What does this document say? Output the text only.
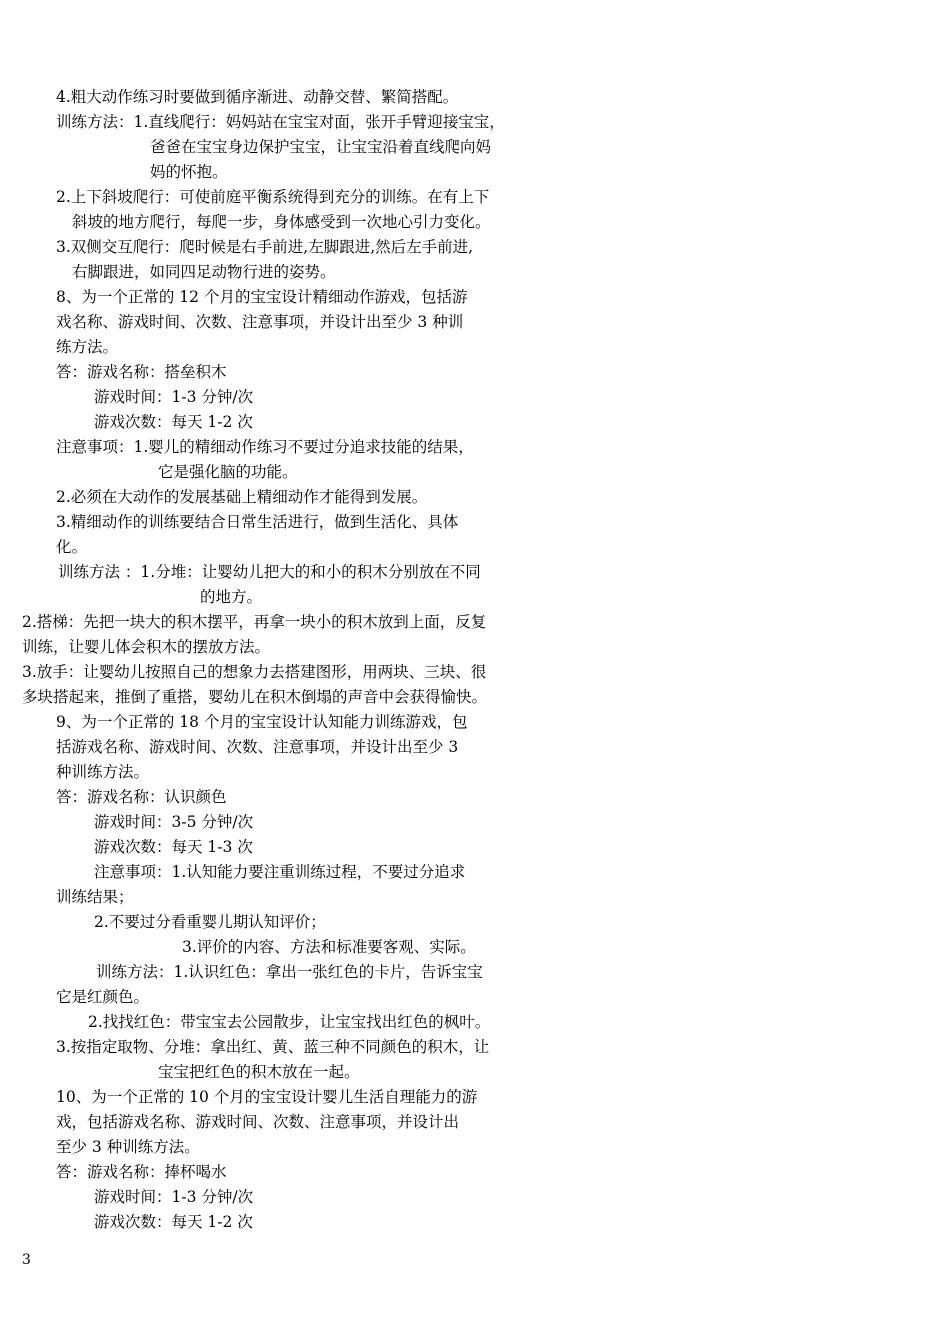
4.粗大动作练习时要做到循序渐进、动静交替、繁简搭配。
训练方法：1.直线爬行：妈妈站在宝宝对面，张开手臂迎接宝宝，
爸爸在宝宝身边保护宝宝，让宝宝沿着直线爬向妈
妈的怀抱。
2.上下斜坡爬行：可使前庭平衡系统得到充分的训练。在有上下
斜坡的地方爬行，每爬一步，身体感受到一次地心引力变化。
3.双侧交互爬行：爬时候是右手前进,左脚跟进,然后左手前进,
右脚跟进，如同四足动物行进的姿势。
8、为一个正常的 12 个月的宝宝设计精细动作游戏，包括游
戏名称、游戏时间、次数、注意事项，并设计出至少 3 种训
练方法。
答：游戏名称：搭垒积木
游戏时间：1-3 分钟/次
游戏次数：每天 1-2 次
注意事项：1.婴儿的精细动作练习不要过分追求技能的结果，
它是强化脑的功能。
2.必须在大动作的发展基础上精细动作才能得到发展。
3.精细动作的训练要结合日常生活进行，做到生活化、具体
化。
训练方法 ：1.分堆：让婴幼儿把大的和小的积木分别放在不同
的地方。
2.搭梯：先把一块大的积木摆平，再拿一块小的积木放到上面，反复
训练，让婴儿体会积木的摆放方法。
3.放手：让婴幼儿按照自己的想象力去搭建图形，用两块、三块、很
多块搭起来，推倒了重搭，婴幼儿在积木倒塌的声音中会获得愉快。
9、为一个正常的 18 个月的宝宝设计认知能力训练游戏，包
括游戏名称、游戏时间、次数、注意事项，并设计出至少 3
种训练方法。
答：游戏名称：认识颜色
游戏时间：3-5 分钟/次
游戏次数：每天 1-3 次
注意事项：1.认知能力要注重训练过程，不要过分追求
训练结果；
2.不要过分看重婴儿期认知评价；
3.评价的内容、方法和标准要客观、实际。
训练方法：1.认识红色：拿出一张红色的卡片，告诉宝宝
它是红颜色。
2.找找红色：带宝宝去公园散步，让宝宝找出红色的枫叶。
3.按指定取物、分堆：拿出红、黄、蓝三种不同颜色的积木，让
宝宝把红色的积木放在一起。
10、为一个正常的 10 个月的宝宝设计婴儿生活自理能力的游
戏，包括游戏名称、游戏时间、次数、注意事项，并设计出
至少 3 种训练方法。
答：游戏名称：捧杯喝水
游戏时间：1-3 分钟/次
游戏次数：每天 1-2 次
3
